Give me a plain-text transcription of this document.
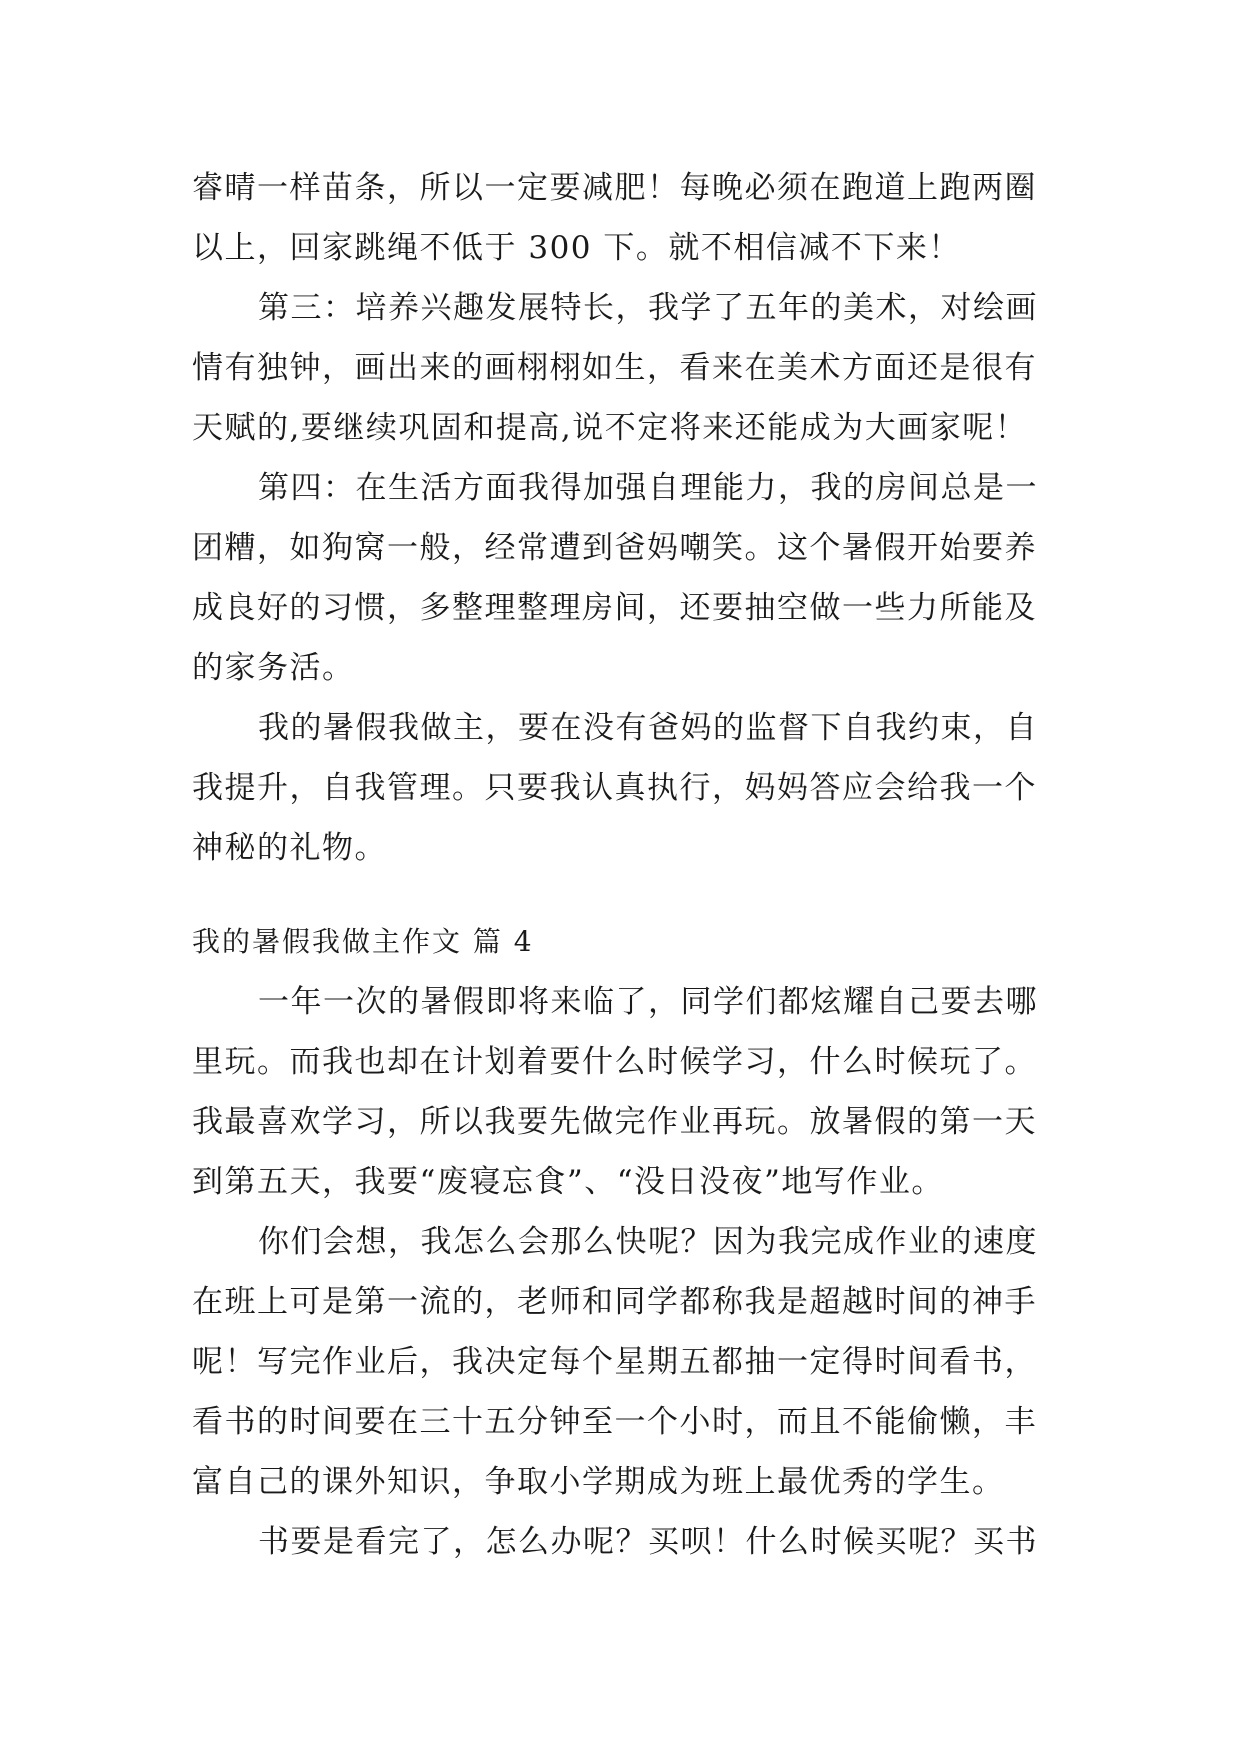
睿晴一样苗条，所以一定要减肥！每晚必须在跑道上跑两圈
以上，回家跳绳不低于 300 下。就不相信减不下来！
第三：培养兴趣发展特长，我学了五年的美术，对绘画
情有独钟，画出来的画栩栩如生，看来在美术方面还是很有
天赋的,要继续巩固和提高,说不定将来还能成为大画家呢！
第四：在生活方面我得加强自理能力，我的房间总是一
团糟，如狗窝一般，经常遭到爸妈嘲笑。这个暑假开始要养
成良好的习惯，多整理整理房间，还要抽空做一些力所能及
的家务活。
我的暑假我做主，要在没有爸妈的监督下自我约束，自
我提升，自我管理。只要我认真执行，妈妈答应会给我一个
神秘的礼物。
我的暑假我做主作文 篇 4
一年一次的暑假即将来临了，同学们都炫耀自己要去哪
里玩。而我也却在计划着要什么时候学习，什么时候玩了。
我最喜欢学习，所以我要先做完作业再玩。放暑假的第一天
到第五天，我要“废寝忘食”、“没日没夜”地写作业。
你们会想，我怎么会那么快呢？因为我完成作业的速度
在班上可是第一流的，老师和同学都称我是超越时间的神手
呢！写完作业后，我决定每个星期五都抽一定得时间看书，
看书的时间要在三十五分钟至一个小时，而且不能偷懒，丰
富自己的课外知识，争取小学期成为班上最优秀的学生。
书要是看完了，怎么办呢？买呗！什么时候买呢？买书
